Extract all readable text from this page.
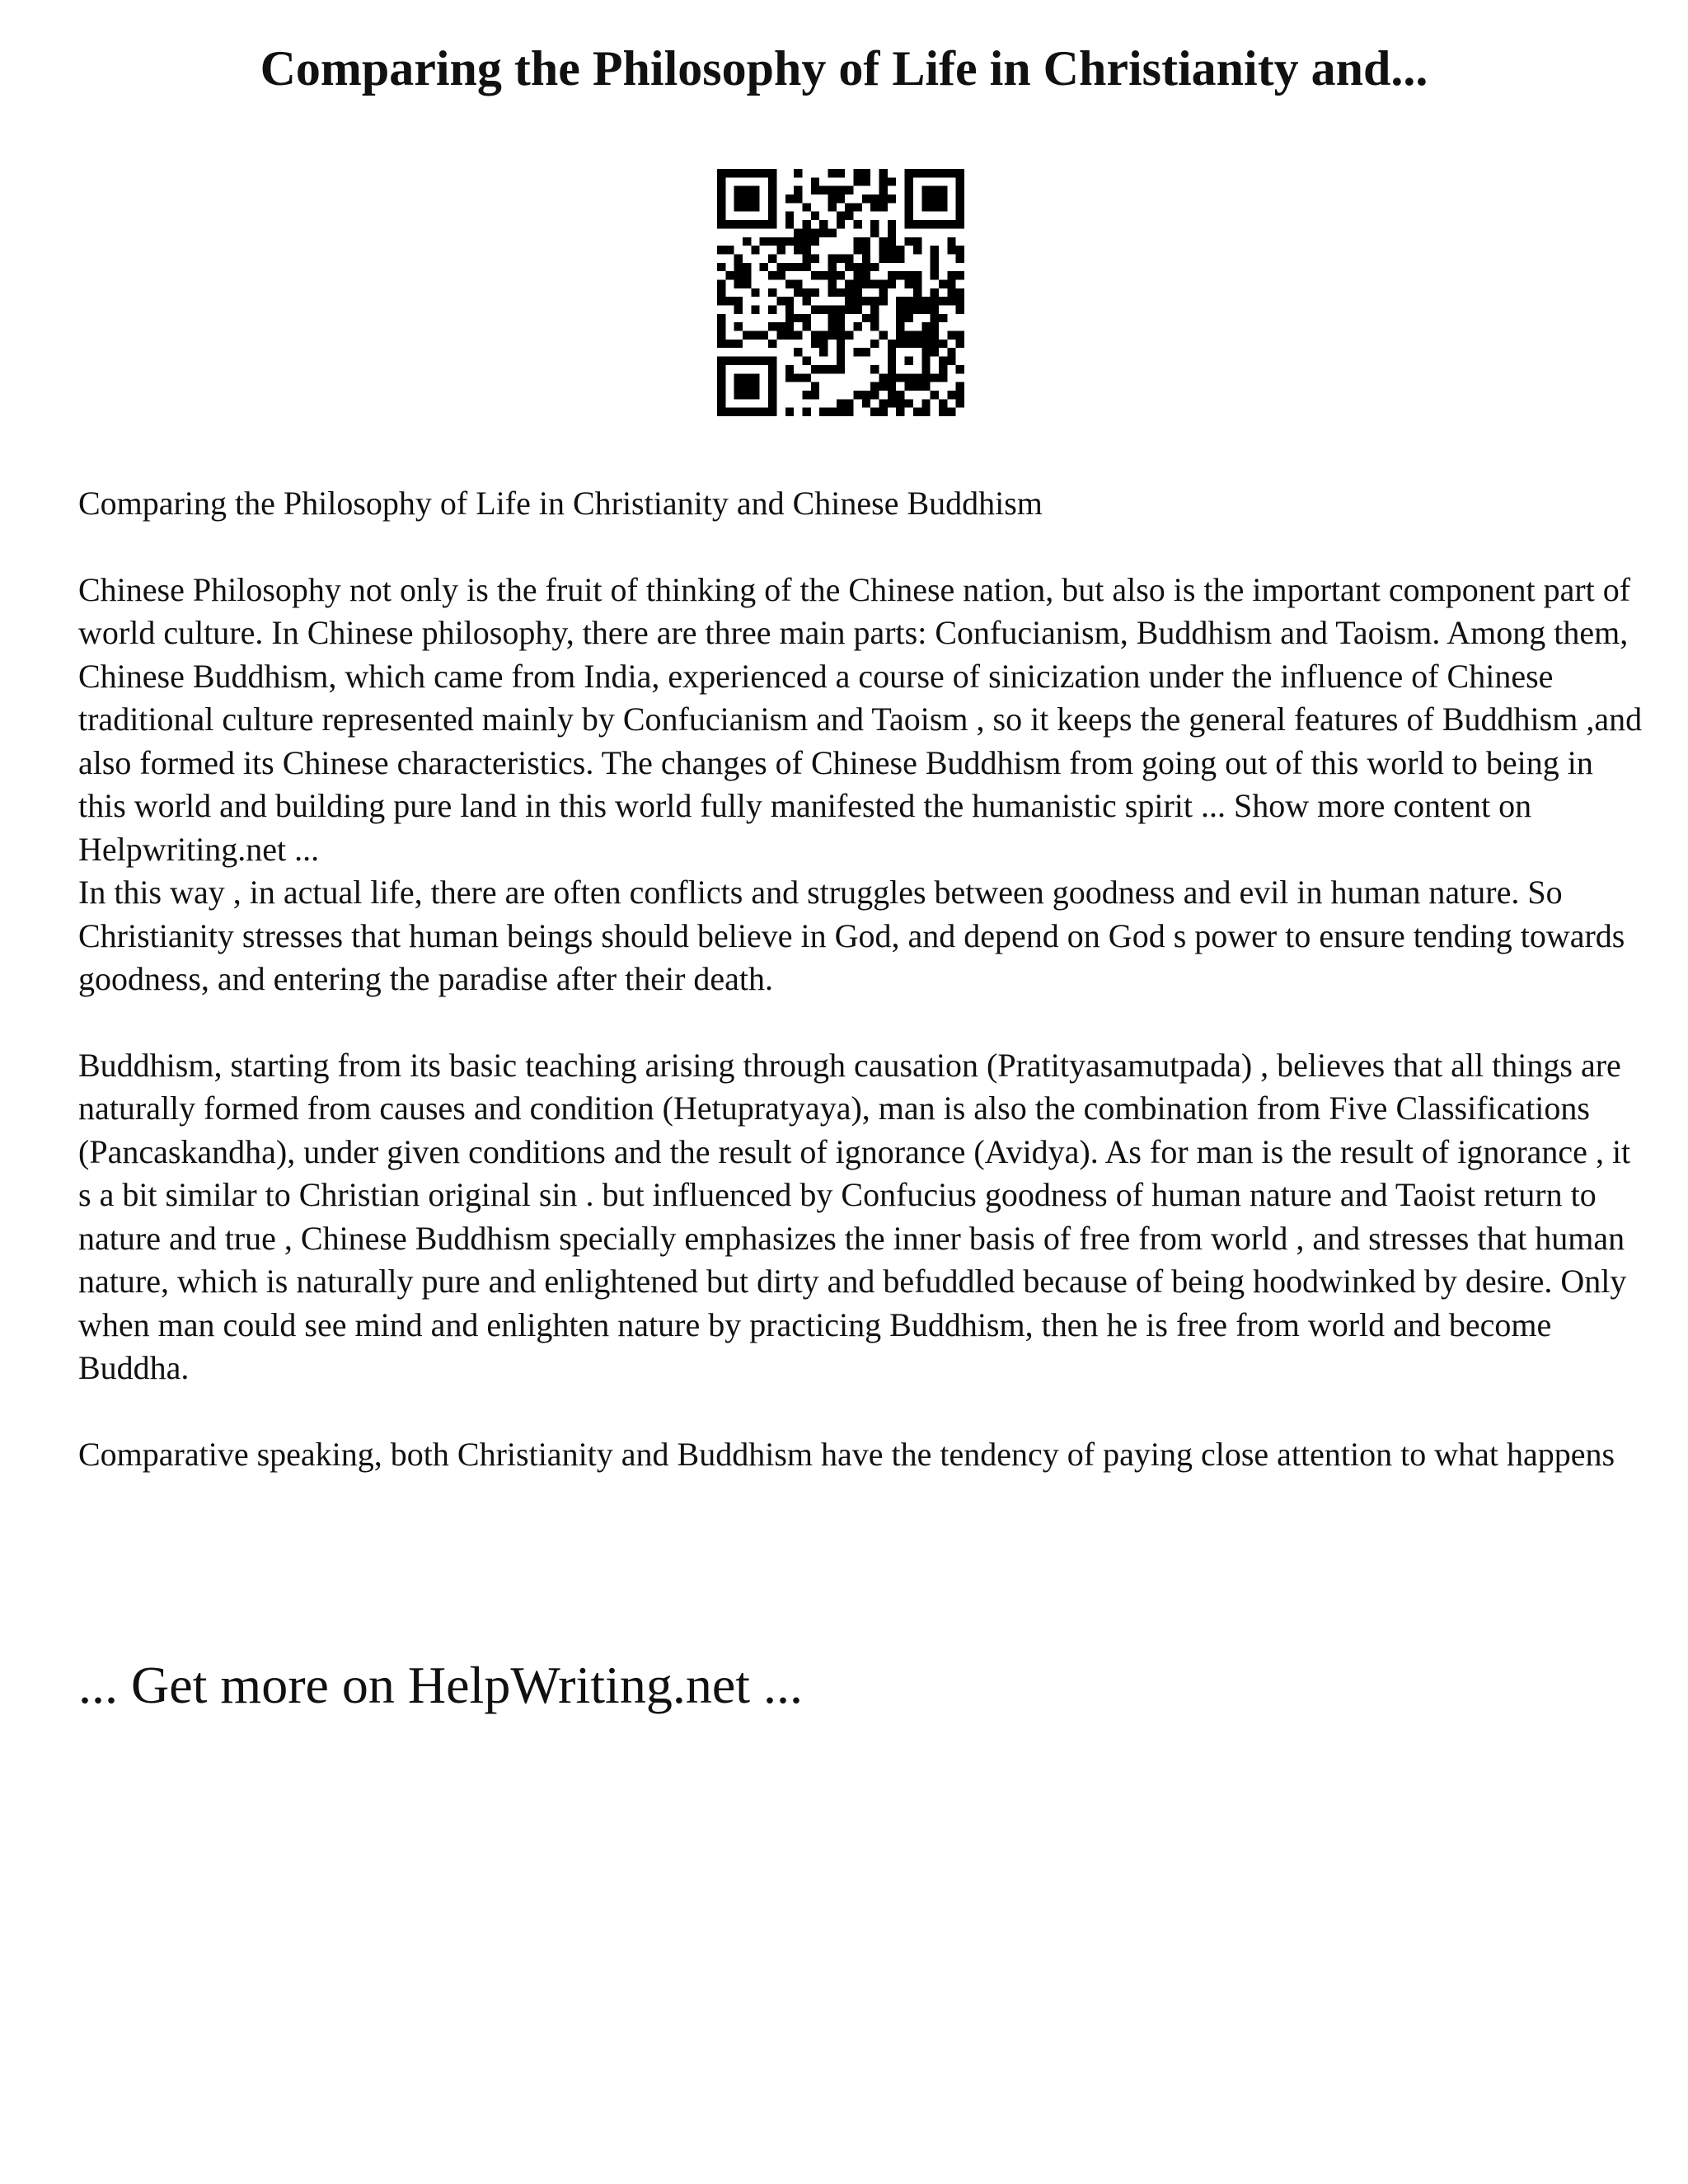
Comparing the Philosophy of Life in Christianity and...

Comparing the Philosophy of Life in Christianity and Chinese Buddhism

Chinese Philosophy not only is the fruit of thinking of the Chinese nation, but also is the important component part of world culture. In Chinese philosophy, there are three main parts: Confucianism, Buddhism and Taoism. Among them, Chinese Buddhism, which came from India, experienced a course of sinicization under the influence of Chinese traditional culture represented mainly by Confucianism and Taoism , so it keeps the general features of Buddhism ,and also formed its Chinese characteristics. The changes of Chinese Buddhism from going out of this world to being in this world and building pure land in this world fully manifested the humanistic spirit ... Show more content on Helpwriting.net ...

In this way , in actual life, there are often conflicts and struggles between goodness and evil in human nature. So Christianity stresses that human beings should believe in God, and depend on God s power to ensure tending towards goodness, and entering the paradise after their death.

Buddhism, starting from its basic teaching arising through causation (Pratityasamutpada) , believes that all things are naturally formed from causes and condition (Hetupratyaya), man is also the combination from Five Classifications (Pancaskandha), under given conditions and the result of ignorance (Avidya). As for man is the result of ignorance , it s a bit similar to Christian original sin . but influenced by Confucius goodness of human nature and Taoist return to nature and true , Chinese Buddhism specially emphasizes the inner basis of free from world , and stresses that human nature, which is naturally pure and enlightened but dirty and befuddled because of being hoodwinked by desire. Only when man could see mind and enlighten nature by practicing Buddhism, then he is free from world and become Buddha.

Comparative speaking, both Christianity and Buddhism have the tendency of paying close attention to what happens

... Get more on HelpWriting.net ...
